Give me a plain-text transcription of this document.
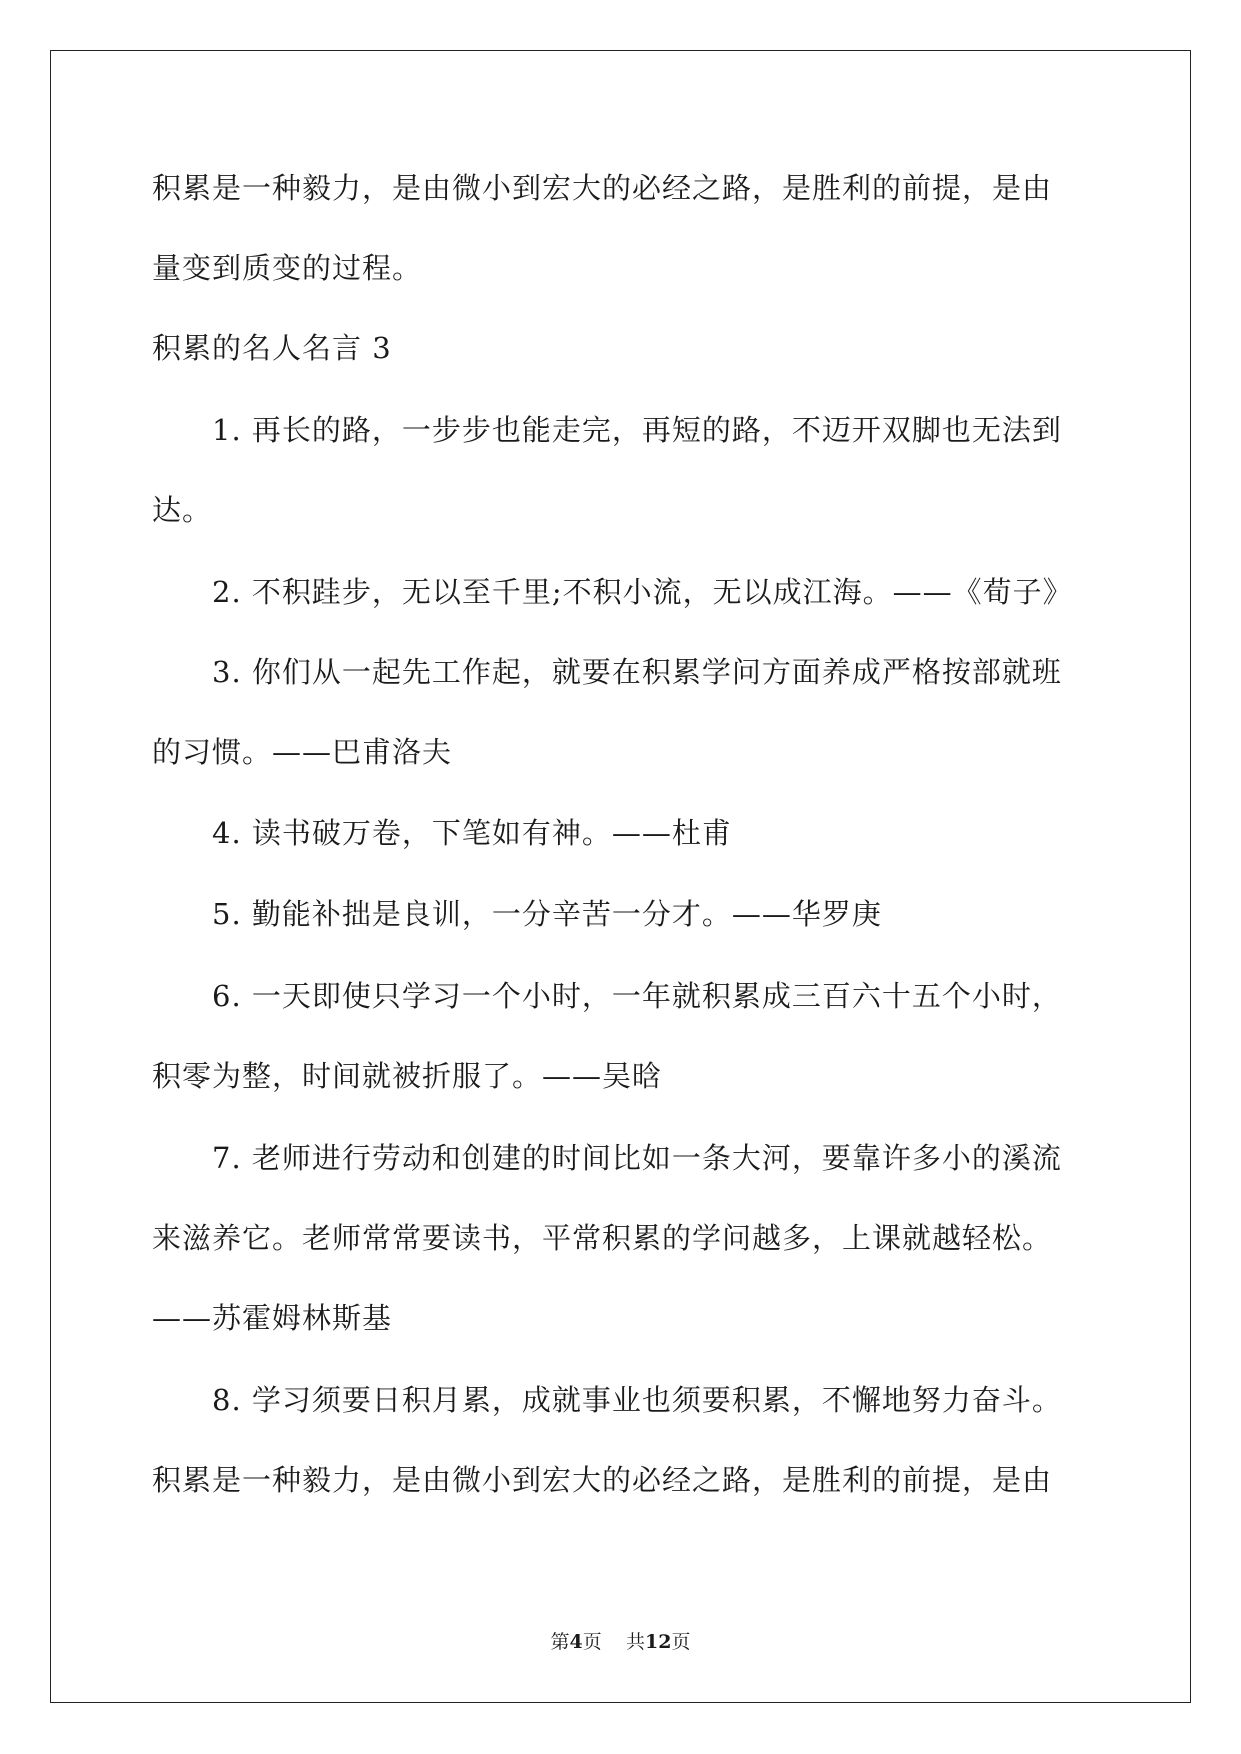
积累是一种毅力，是由微小到宏大的必经之路，是胜利的前提，是由
量变到质变的过程。
积累的名人名言 3
1. 再长的路，一步步也能走完，再短的路，不迈开双脚也无法到
达。
2. 不积跬步，无以至千里;不积小流，无以成江海。——《荀子》
3. 你们从一起先工作起，就要在积累学问方面养成严格按部就班
的习惯。——巴甫洛夫
4. 读书破万卷，下笔如有神。——杜甫
5. 勤能补拙是良训，一分辛苦一分才。——华罗庚
6. 一天即使只学习一个小时，一年就积累成三百六十五个小时，
积零为整，时间就被折服了。——吴晗
7. 老师进行劳动和创建的时间比如一条大河，要靠许多小的溪流
来滋养它。老师常常要读书，平常积累的学问越多，上课就越轻松。
——苏霍姆林斯基
8. 学习须要日积月累，成就事业也须要积累，不懈地努力奋斗。
积累是一种毅力，是由微小到宏大的必经之路，是胜利的前提，是由
第4页 共12页
